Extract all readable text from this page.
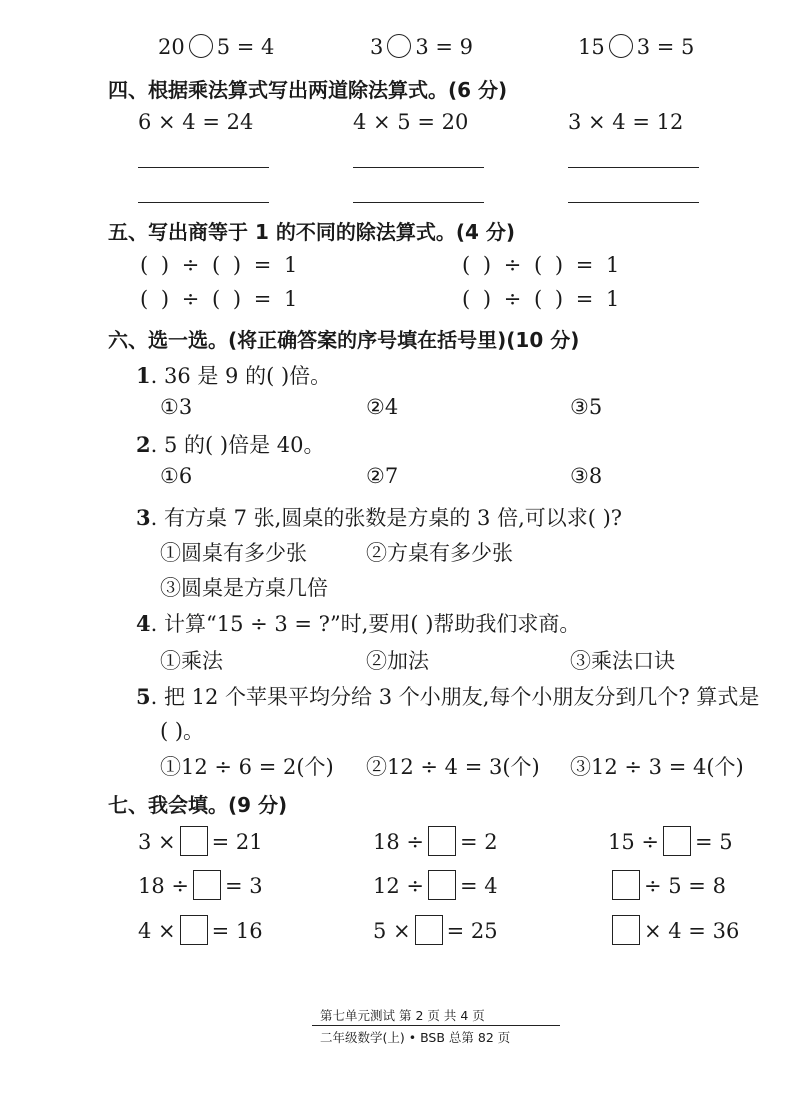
20 5 = 4	3 3 = 9	15 3 = 5
四、根据乘法算式写出两道除法算式。(6 分)
6 × 4 = 24	4 × 5 = 20	3 × 4 = 12
五、写出商等于 1 的不同的除法算式。(4 分)
( ) ÷ ( ) = 1	( ) ÷ ( ) = 1
( ) ÷ ( ) = 1	( ) ÷ ( ) = 1
六、选一选。(将正确答案的序号填在括号里)(10 分)
1. 36 是 9 的( )倍。
①3	②4	③5
2. 5 的( )倍是 40。
①6	②7	③8
3. 有方桌 7 张,圆桌的张数是方桌的 3 倍,可以求( )?
①圆桌有多少张	②方桌有多少张
③圆桌是方桌几倍
4. 计算“15 ÷ 3 = ?”时,要用( )帮助我们求商。
①乘法	②加法	③乘法口诀
5. 把 12 个苹果平均分给 3 个小朋友,每个小朋友分到几个? 算式是
( )。
①12 ÷ 6 = 2(个) ②12 ÷ 4 = 3(个) ③12 ÷ 3 = 4(个)
七、我会填。(9 分)
3 × = 21	18 ÷ = 2	15 ÷ = 5
18 ÷ = 3	12 ÷ = 4	÷ 5 = 8
4 × = 16	5 × = 25	× 4 = 36
第七单元测试 第 2 页 共 4 页
二年级数学(上) • BSB 总第 82 页
